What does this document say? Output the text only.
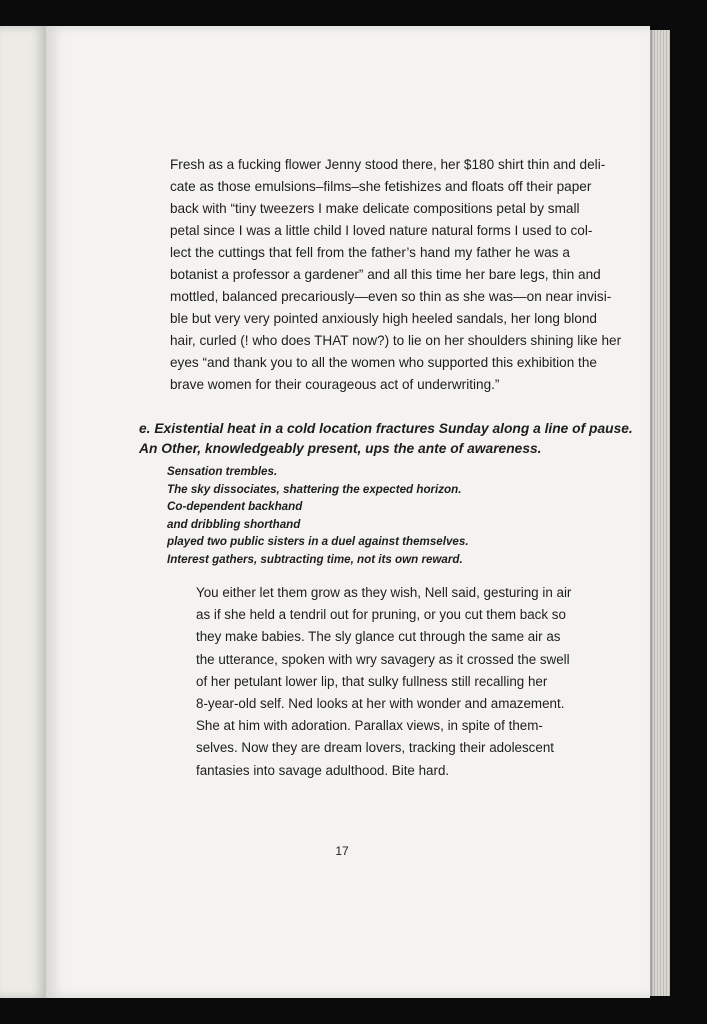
Fresh as a fucking flower Jenny stood there, her $180 shirt thin and deli-
cate as those emulsions–films–she fetishizes and floats off their paper
back with “tiny tweezers I make delicate compositions petal by small
petal since I was a little child I loved nature natural forms I used to col-
lect the cuttings that fell from the father’s hand my father he was a
botanist a professor a gardener” and all this time her bare legs, thin and
mottled, balanced precariously—even so thin as she was—on near invisi-
ble but very very pointed anxiously high heeled sandals, her long blond
hair, curled (! who does THAT now?) to lie on her shoulders shining like her
eyes “and thank you to all the women who supported this exhibition the
brave women for their courageous act of underwriting.”
e. Existential heat in a cold location fractures Sunday along a line of pause.
An Other, knowledgeably present, ups the ante of awareness.
Sensation trembles.
The sky dissociates, shattering the expected horizon.
Co-dependent backhand
and dribbling shorthand
played two public sisters in a duel against themselves.
Interest gathers, subtracting time, not its own reward.
You either let them grow as they wish, Nell said, gesturing in air
as if she held a tendril out for pruning, or you cut them back so
they make babies. The sly glance cut through the same air as
the utterance, spoken with wry savagery as it crossed the swell
of her petulant lower lip, that sulky fullness still recalling her
8-year-old self. Ned looks at her with wonder and amazement.
She at him with adoration. Parallax views, in spite of them-
selves. Now they are dream lovers, tracking their adolescent
fantasies into savage adulthood. Bite hard.
17
